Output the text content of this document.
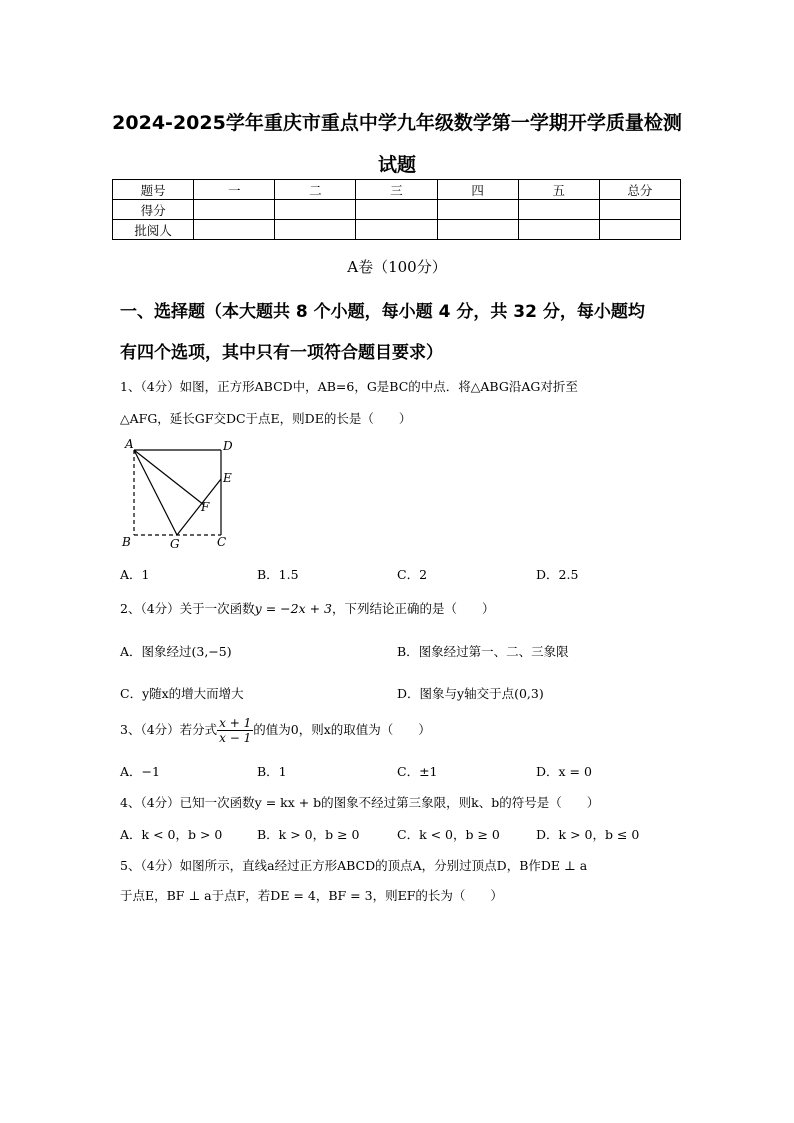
2024-2025学年重庆市重点中学九年级数学第一学期开学质量检测
试题
题号	一	二	三	四	五	总分
得分						
批阅人						
A卷（100分）
一、选择题（本大题共 8 个小题，每小题 4 分，共 32 分，每小题均
有四个选项，其中只有一项符合题目要求）
1、（4分）如图，正方形ABCD中，AB=6，G是BC的中点．将△ABG沿AG对折至
△AFG，延长GF交DC于点E，则DE的长是（　　）
A	D
E
F
B	G	C
A．1	B．1.5	C．2	D．2.5
2、（4分）关于一次函数y = −2x + 3，下列结论正确的是（　　）
A．图象经过(3,−5)	B．图象经过第一、二、三象限
C．y随x的增大而增大	D．图象与y轴交于点(0,3)
3、（4分）若分式 $\frac{x + 1}{x - 1}$ 的值为0，则x的取值为（　　）
A．−1	B．1	C．±1	D．x = 0
4、（4分）已知一次函数y = kx + b的图象不经过第三象限，则k、b的符号是（　　）
A．k < 0，b > 0	B．k > 0，b ≥ 0	C．k < 0，b ≥ 0	D．k > 0，b ≤ 0
5、（4分）如图所示，直线a经过正方形ABCD的顶点A，分别过顶点D，B作DE ⊥ a
于点E，BF ⊥ a于点F，若DE = 4，BF = 3，则EF的长为（　　）
